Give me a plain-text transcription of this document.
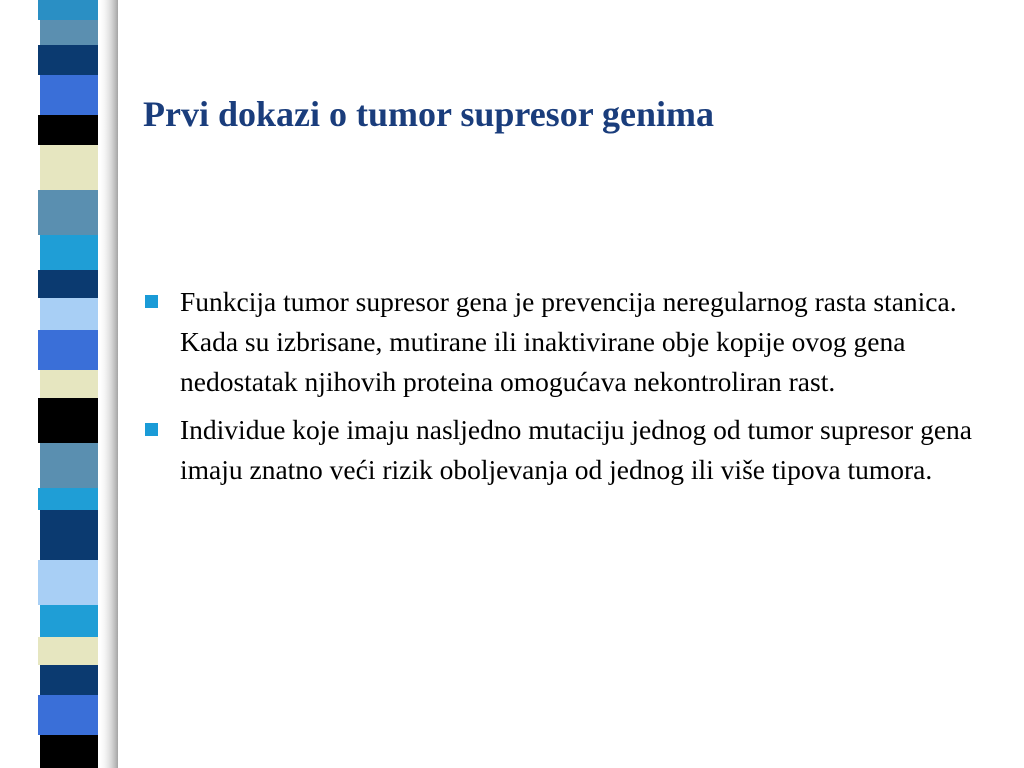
Prvi dokazi o tumor supresor genima
Funkcija tumor supresor gena je prevencija neregularnog rasta stanica. Kada su izbrisane, mutirane ili inaktivirane obje kopije ovog gena nedostatak njihovih proteina omogućava nekontroliran rast.
Individue koje imaju nasljedno mutaciju jednog od tumor supresor gena  imaju znatno veći rizik oboljevanja od jednog ili više tipova tumora.
